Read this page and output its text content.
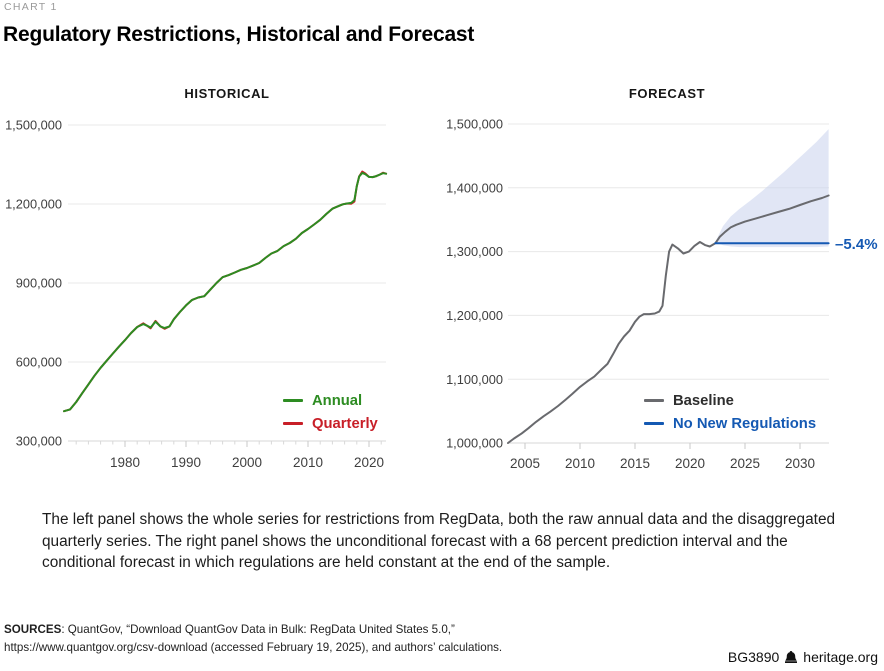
CHART 1
Regulatory Restrictions, Historical and Forecast
HISTORICAL	FORECAST
300,000
600,000
900,000
1,200,000
1,500,000
1980 1990 2000 2010 2020
1,000,000
1,100,000
1,200,000
1,300,000
1,400,000
1,500,000
2005 2010 2015 2020 2025 2030
–5.4%
Annual
Quarterly
Baseline
No New Regulations
The left panel shows the whole series for restrictions from RegData, both the raw annual data and the disaggregated quarterly series. The right panel shows the unconditional forecast with a 68 percent prediction interval and the conditional forecast in which regulations are held constant at the end of the sample.
SOURCES: QuantGov, “Download QuantGov Data in Bulk: RegData United States 5.0,”
https://www.quantgov.org/csv-download (accessed February 19, 2025), and authors’ calculations.
BG3890 heritage.org
